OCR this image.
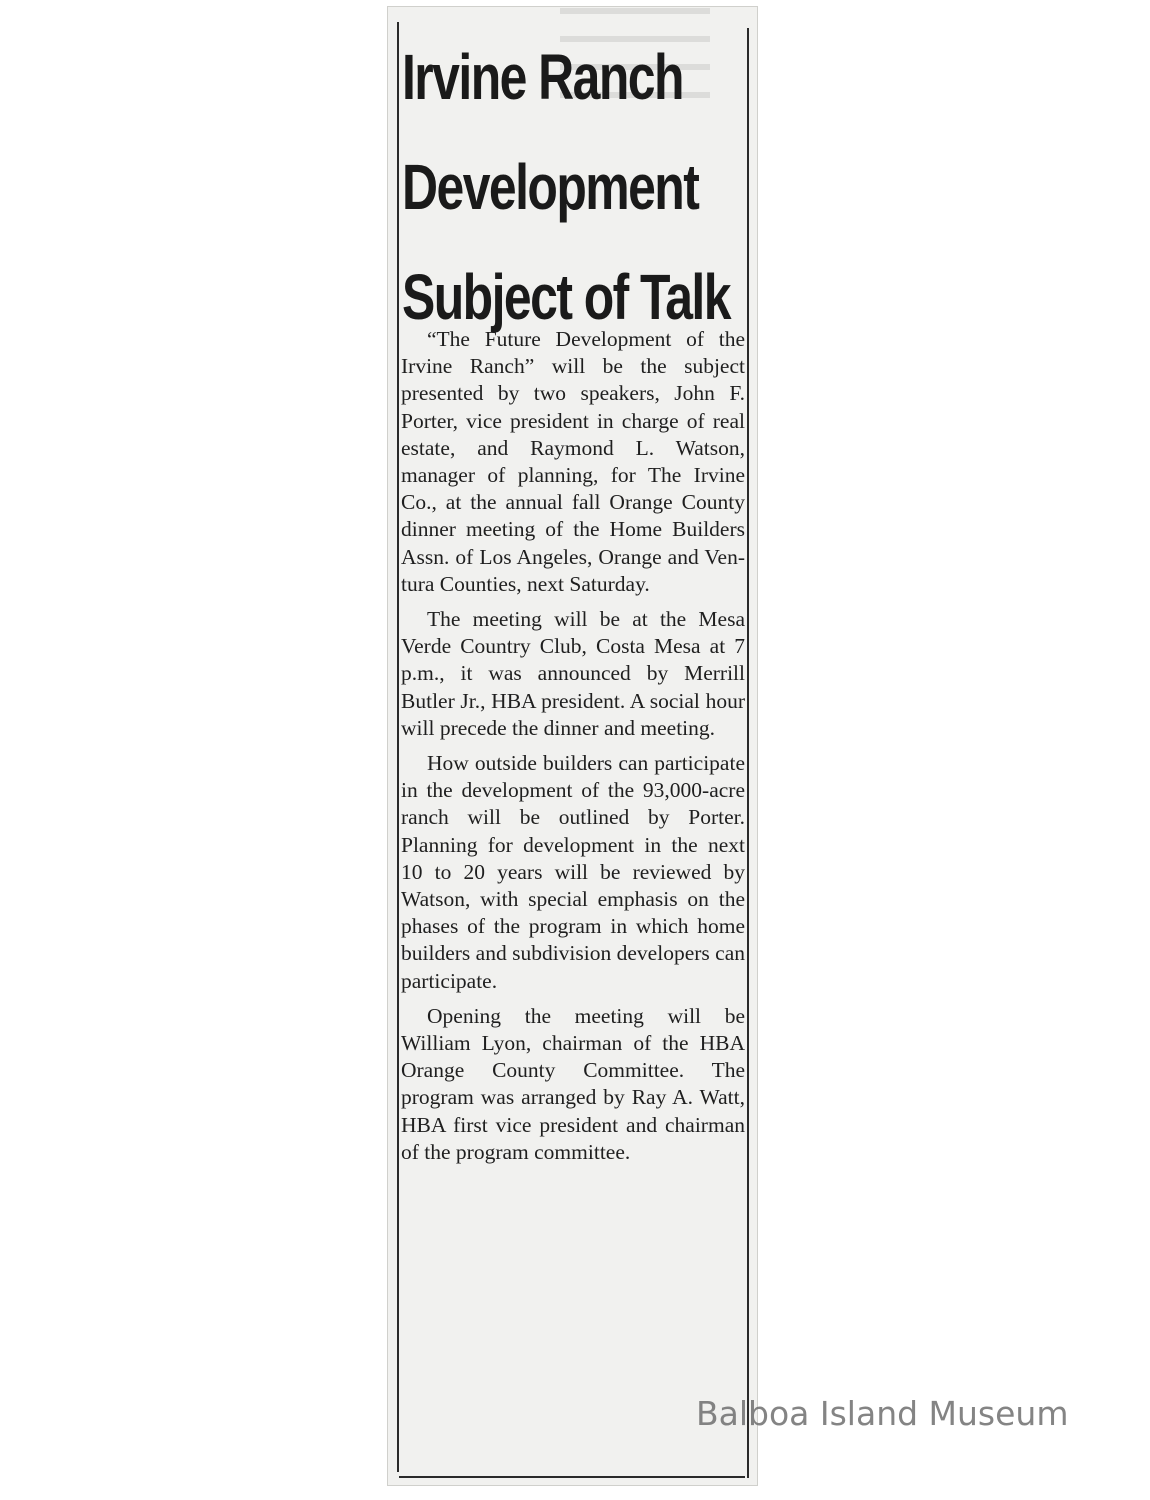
Irvine Ranch
Development
Subject of Talk

“The Future Development of the Irvine Ranch” will be the subject presented by two speakers, John F. Porter, vice president in charge of real estate, and Raymond L. Watson, manager of planning, for The Irvine Co., at the annual fall Orange County dinner meeting of the Home Builders Assn. of Los Angeles, Orange and Ventura Counties, next Saturday.

The meeting will be at the Mesa Verde Country Club, Costa Mesa at 7 p.m., it was announced by Merrill Butler Jr., HBA president. A social hour will precede the dinner and meeting.

How outside builders can participate in the development of the 93,000-acre ranch will be outlined by Porter. Planning for development in the next 10 to 20 years will be reviewed by Watson, with special emphasis on the phases of the program in which home builders and subdivision developers can participate.

Opening the meeting will be William Lyon, chairman of the HBA Orange County Committee. The program was arranged by Ray A. Watt, HBA first vice president and chairman of the program committee.

Balboa Island Museum
